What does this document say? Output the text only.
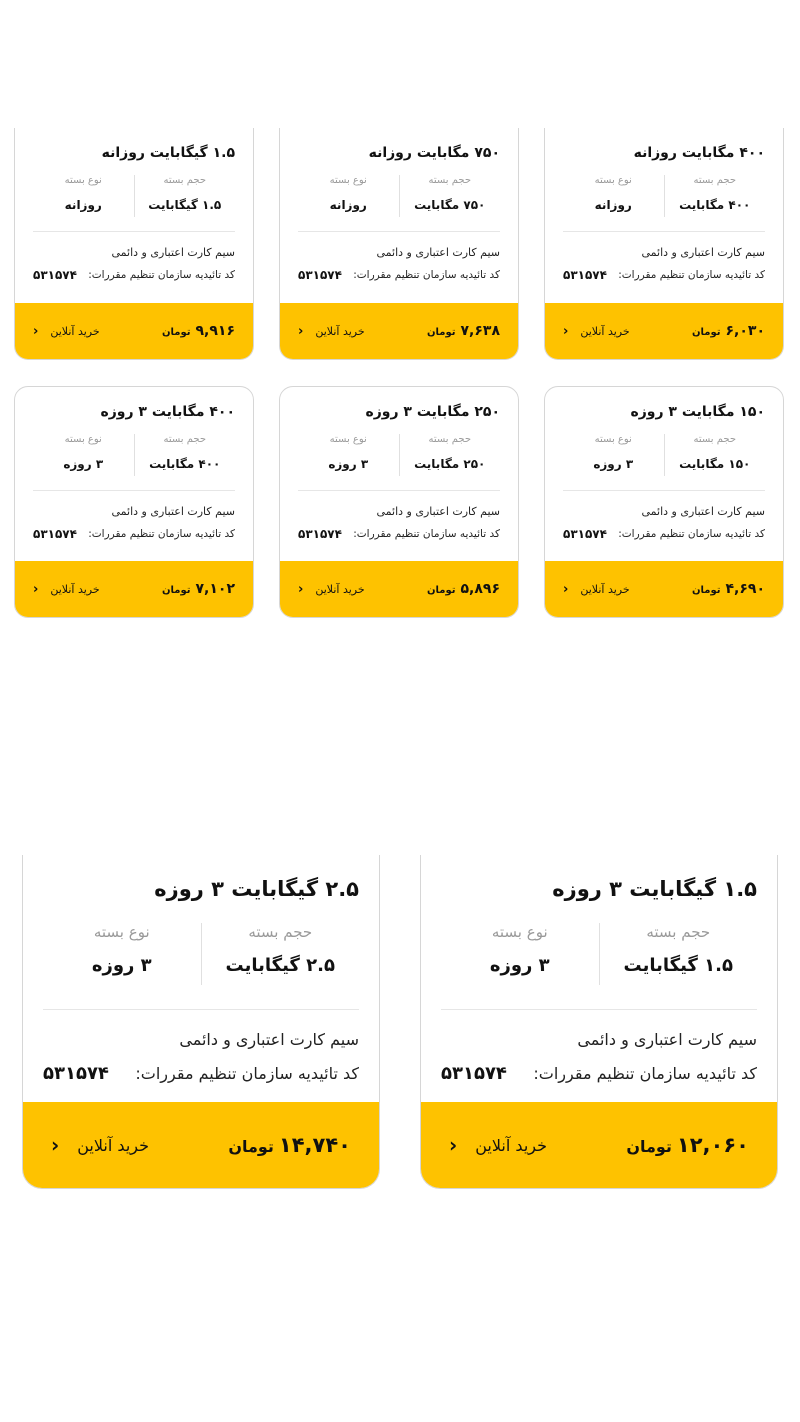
۴۰۰ مگابایت روزانه
حجم بسته
۴۰۰ مگابایت
نوع بسته
روزانه
سیم کارت اعتباری و دائمی
کد تائیدیه سازمان تنظیم مقررات:
۵۳۱۵۷۴
۶,۰۳۰
تومان
خرید آنلاین
‹
۷۵۰ مگابایت روزانه
حجم بسته
۷۵۰ مگابایت
نوع بسته
روزانه
سیم کارت اعتباری و دائمی
کد تائیدیه سازمان تنظیم مقررات:
۵۳۱۵۷۴
۷,۶۳۸
تومان
خرید آنلاین
‹
۱.۵ گیگابایت روزانه
حجم بسته
۱.۵ گیگابایت
نوع بسته
روزانه
سیم کارت اعتباری و دائمی
کد تائیدیه سازمان تنظیم مقررات:
۵۳۱۵۷۴
۹,۹۱۶
تومان
خرید آنلاین
‹
۱۵۰ مگابایت ۳ روزه
حجم بسته
۱۵۰ مگابایت
نوع بسته
۳ روزه
سیم کارت اعتباری و دائمی
کد تائیدیه سازمان تنظیم مقررات:
۵۳۱۵۷۴
۴,۶۹۰
تومان
خرید آنلاین
‹
۲۵۰ مگابایت ۳ روزه
حجم بسته
۲۵۰ مگابایت
نوع بسته
۳ روزه
سیم کارت اعتباری و دائمی
کد تائیدیه سازمان تنظیم مقررات:
۵۳۱۵۷۴
۵,۸۹۶
تومان
خرید آنلاین
‹
۴۰۰ مگابایت ۳ روزه
حجم بسته
۴۰۰ مگابایت
نوع بسته
۳ روزه
سیم کارت اعتباری و دائمی
کد تائیدیه سازمان تنظیم مقررات:
۵۳۱۵۷۴
۷,۱۰۲
تومان
خرید آنلاین
‹
۱.۵ گیگابایت ۳ روزه
حجم بسته
۱.۵ گیگابایت
نوع بسته
۳ روزه
سیم کارت اعتباری و دائمی
کد تائیدیه سازمان تنظیم مقررات:
۵۳۱۵۷۴
۱۲,۰۶۰
تومان
خرید آنلاین
‹
۲.۵ گیگابایت ۳ روزه
حجم بسته
۲.۵ گیگابایت
نوع بسته
۳ روزه
سیم کارت اعتباری و دائمی
کد تائیدیه سازمان تنظیم مقررات:
۵۳۱۵۷۴
۱۴,۷۴۰
تومان
خرید آنلاین
‹
